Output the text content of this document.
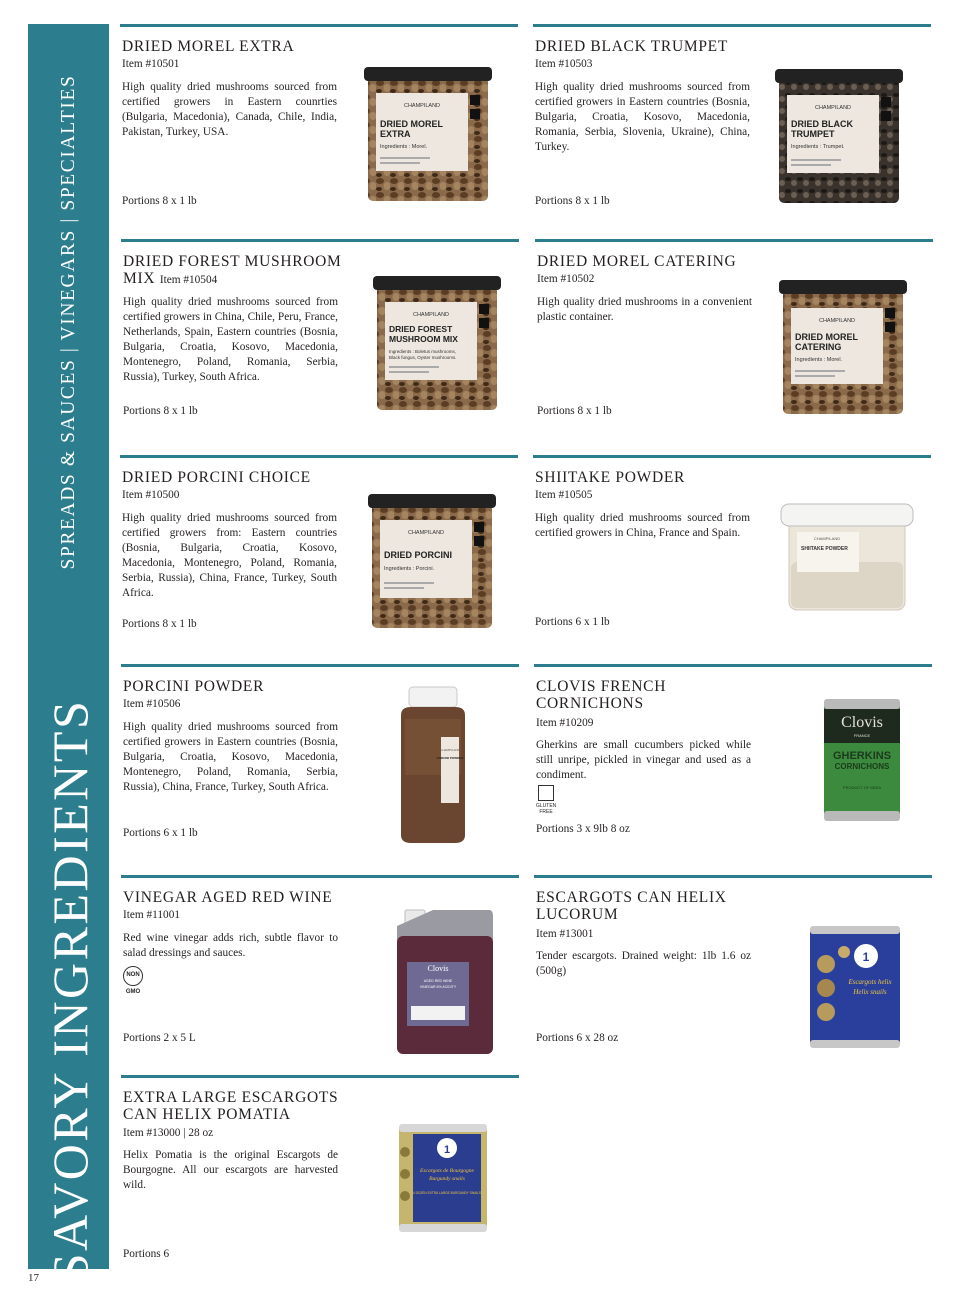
SPREADS & SAUCES | VINEGARS | SPECIALTIES
SAVORY INGREDIENTS
17
DRIED MOREL EXTRA
Item #10501
High quality dried mushrooms sourced from certified growers in Eastern counrties (Bulgaria, Macedonia), Canada, Chile, India, Pakistan, Turkey, USA.
Portions 8 x 1 lb
CHAMPILAND
DRIED MOREL
EXTRA
Ingredients : Morel.
DRIED BLACK TRUMPET
Item #10503
High quality dried mushrooms sourced from certified growers in Eastern countries (Bosnia, Bulgaria, Croatia, Kosovo, Macedonia, Romania, Serbia, Slovenia, Ukraine), China, Turkey.
Portions 8 x 1 lb
CHAMPILAND
DRIED BLACK
TRUMPET
Ingredients : Trumpet.
DRIED FOREST MUSHROOM MIX Item #10504
High quality dried mushrooms sourced from certified growers in China, Chile, Peru, France, Netherlands, Spain, Eastern countries (Bosnia, Bulgaria, Croatia, Kosovo, Macedonia, Montenegro, Poland, Romania, Serbia, Russia), Turkey, South Africa.
Portions 8 x 1 lb
CHAMPILAND
DRIED FOREST
MUSHROOM MIX
Ingredients : Boletus mushrooms,
Black fungus, Oyster mushrooms.
DRIED MOREL CATERING
Item #10502
High quality dried mushrooms in a convenient plastic container.
Portions 8 x 1 lb
CHAMPILAND
DRIED MOREL
CATERING
Ingredients : Morel.
DRIED PORCINI CHOICE
Item #10500
High quality dried mushrooms sourced from certified growers from: Eastern countries (Bosnia, Bulgaria, Croatia, Kosovo, Macedonia, Montenegro, Poland, Romania, Serbia, Russia), China, France, Turkey, South Africa.
Portions 8 x 1 lb
CHAMPILAND
DRIED PORCINI
Ingredients : Porcini.
SHIITAKE POWDER
Item #10505
High quality dried mushrooms sourced from certified growers in China, France and Spain.
Portions 6 x 1 lb
CHAMPILAND
SHIITAKE POWDER
PORCINI POWDER
Item #10506
High quality dried mushrooms sourced from certified growers in Eastern countries (Bosnia, Bulgaria, Croatia, Kosovo, Macedonia, Montenegro, Poland, Romania, Serbia, Russia), China, France, Turkey, South Africa.
Portions 6 x 1 lb
CHAMPILAND
PORCINI POWDER
CLOVIS FRENCH CORNICHONS
Item #10209
Gherkins are small cucumbers picked while still unripe, pickled in vinegar and used as a condiment.
GLUTEN FREE
Portions 3 x 9lb 8 oz
Clovis
FRANCE
GHERKINS
CORNICHONS
PRODUCT OF INDIA
VINEGAR AGED RED WINE
Item #11001
Red wine vinegar adds rich, subtle flavor to salad dressings and sauces.
NON GMO
Portions 2 x 5 L
Clovis
AGED RED WINE
VINEGAR 6% ACIDITY
ESCARGOTS CAN HELIX LUCORUM
Item #13001
Tender escargots. Drained weight: 1lb 1.6 oz (500g)
Portions 6 x 28 oz
1
Escargots helix
Helix snails
EXTRA LARGE ESCARGOTS CAN HELIX POMATIA
Item #13000 | 28 oz
Helix Pomatia is the original Escargots de Bourgogne. All our escargots are harvested wild.
Portions 6
1
Escargots de Bourgogne
Burgundy snails
4 DOZEN EXTRA LARGE BURGUNDY SNAILS
